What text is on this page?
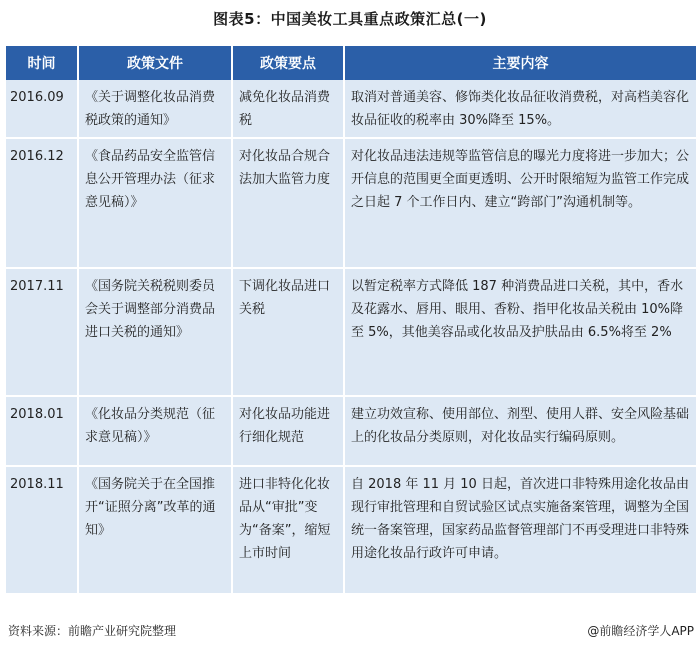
图表5：中国美妆工具重点政策汇总(一)
时间	政策文件	政策要点	主要内容
2016.09	《关于调整化妆品消费税政策的通知》	减免化妆品消费税	取消对普通美容、修饰类化妆品征收消费税，对高档美容化妆品征收的税率由 30%降至 15%。
2016.12	《食品药品安全监管信息公开管理办法（征求意见稿）》	对化妆品合规合法加大监管力度	对化妆品违法违规等监管信息的曝光力度将进一步加大；公开信息的范围更全面更透明、公开时限缩短为监管工作完成之日起 7 个工作日内、建立“跨部门”沟通机制等。
2017.11	《国务院关税税则委员会关于调整部分消费品进口关税的通知》	下调化妆品进口关税	以暂定税率方式降低 187 种消费品进口关税，其中，香水及花露水、唇用、眼用、香粉、指甲化妆品关税由 10%降至 5%，其他美容品或化妆品及护肤品由 6.5%将至 2%
2018.01	《化妆品分类规范（征求意见稿）》	对化妆品功能进行细化规范	建立功效宣称、使用部位、剂型、使用人群、安全风险基础上的化妆品分类原则，对化妆品实行编码原则。
2018.11	《国务院关于在全国推开“证照分离”改革的通知》	进口非特化化妆品从“审批”变为“备案”，缩短上市时间	自 2018 年 11 月 10 日起，首次进口非特殊用途化妆品由现行审批管理和自贸试验区试点实施备案管理，调整为全国统一备案管理，国家药品监督管理部门不再受理进口非特殊用途化妆品行政许可申请。
资料来源：前瞻产业研究院整理	@前瞻经济学人APP
